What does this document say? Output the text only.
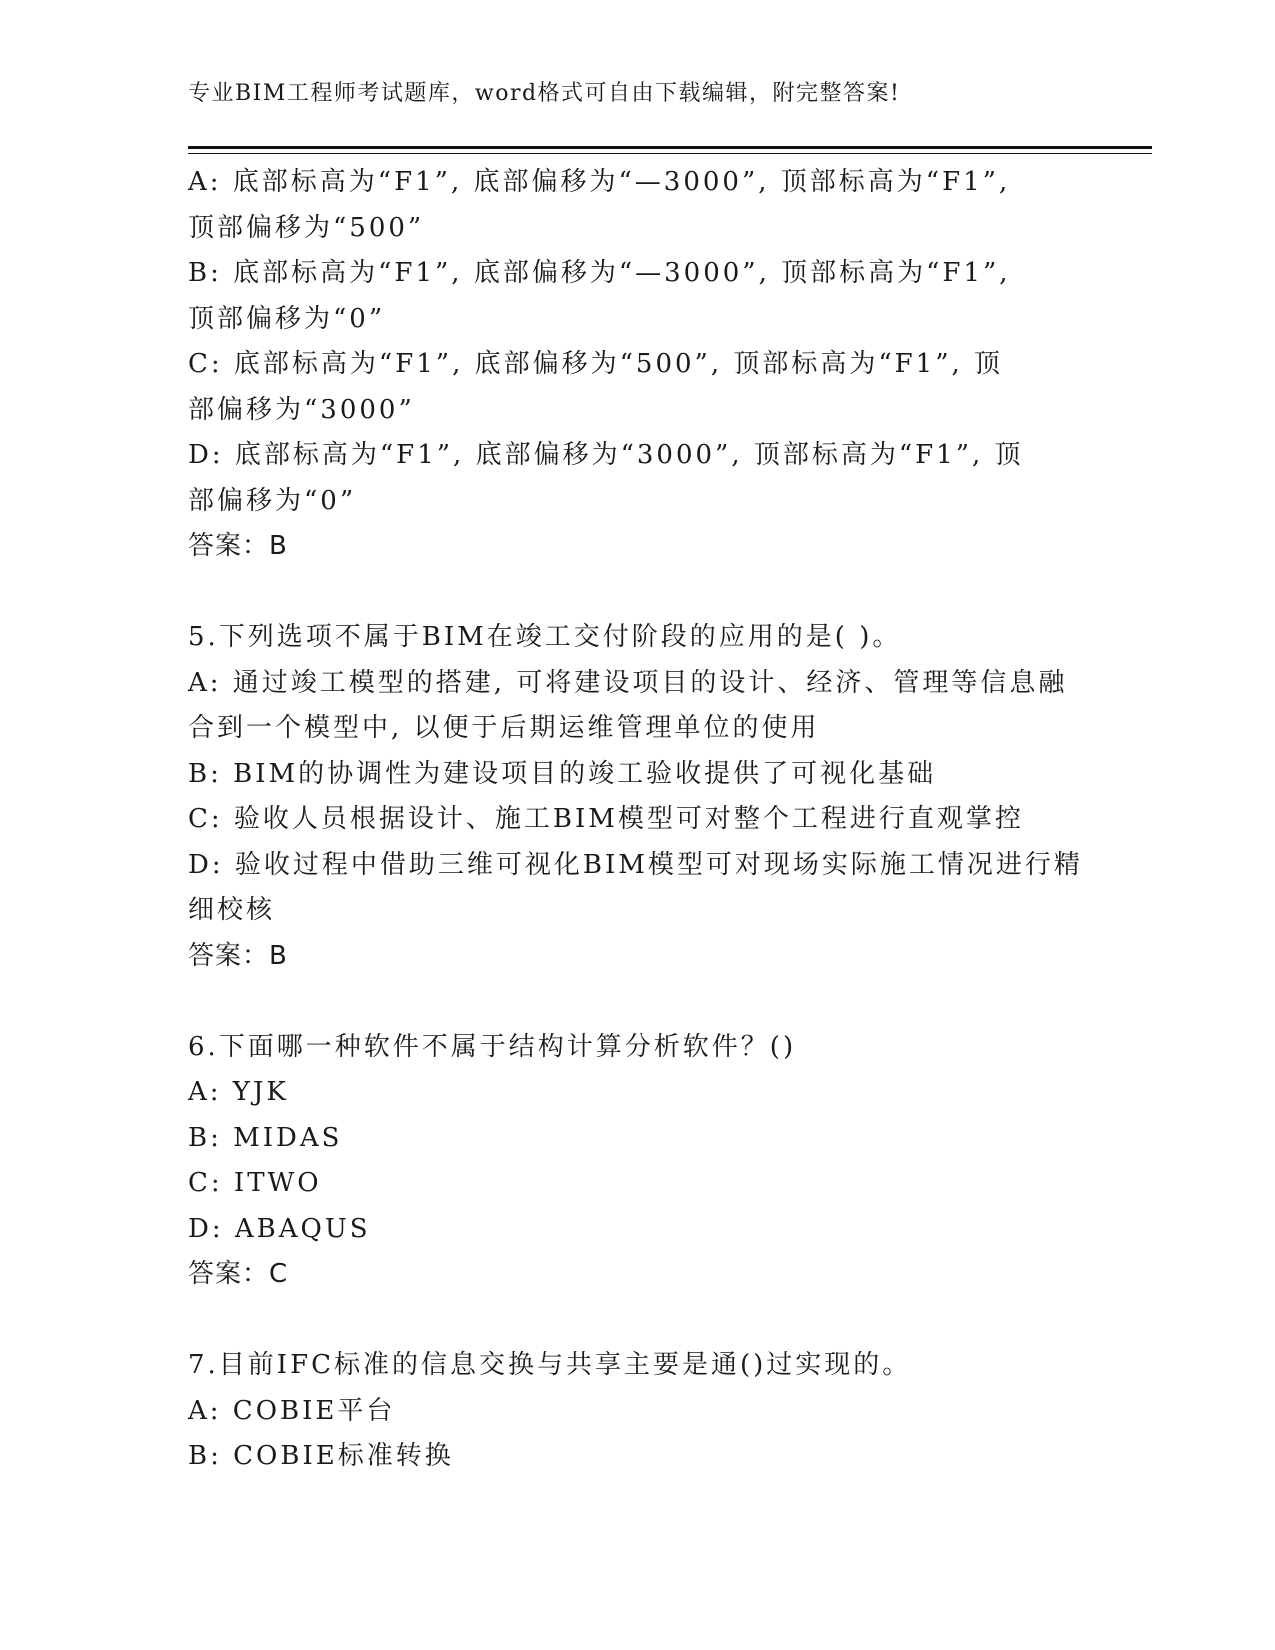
专业BIM工程师考试题库，word格式可自由下载编辑，附完整答案!
A: 底部标高为“F1”, 底部偏移为“—3000”, 顶部标高为“F1”,
顶部偏移为“500”
B: 底部标高为“F1”, 底部偏移为“—3000”, 顶部标高为“F1”,
顶部偏移为“0”
C: 底部标高为“F1”, 底部偏移为“500”, 顶部标高为“F1”, 顶
部偏移为“3000”
D: 底部标高为“F1”, 底部偏移为“3000”, 顶部标高为“F1”, 顶
部偏移为“0”
答案：B
5.下列选项不属于BIM在竣工交付阶段的应用的是( )。
A: 通过竣工模型的搭建, 可将建设项目的设计、经济、管理等信息融
合到一个模型中, 以便于后期运维管理单位的使用
B: BIM的协调性为建设项目的竣工验收提供了可视化基础
C: 验收人员根据设计、施工BIM模型可对整个工程进行直观掌控
D: 验收过程中借助三维可视化BIM模型可对现场实际施工情况进行精
细校核
答案：B
6.下面哪一种软件不属于结构计算分析软件？()
A: YJK
B: MIDAS
C: ITWO
D: ABAQUS
答案：C
7.目前IFC标准的信息交换与共享主要是通()过实现的。
A: COBIE平台
B: COBIE标准转换
